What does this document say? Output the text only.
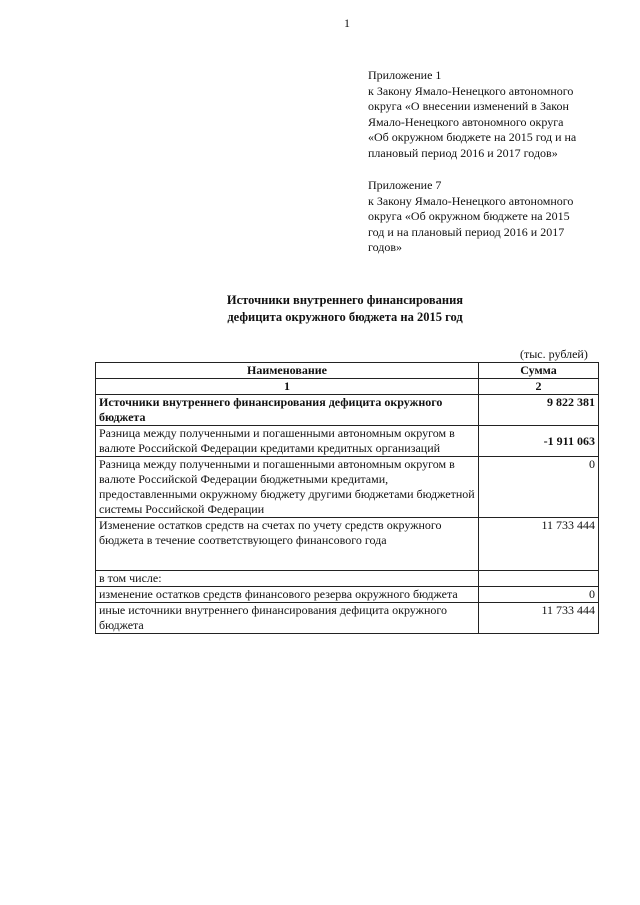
1
Приложение 1
к Закону Ямало-Ненецкого автономного
округа «О внесении изменений в Закон
Ямало-Ненецкого автономного округа
«Об окружном бюджете на 2015 год и на
плановый период 2016 и 2017 годов»
Приложение 7
к Закону Ямало-Ненецкого автономного
округа «Об окружном бюджете на 2015
год и на плановый период 2016 и 2017
годов»
Источники внутреннего финансирования
дефицита окружного бюджета на 2015 год
(тыс. рублей)
Наименование	Сумма
1	2
Источники внутреннего финансирования дефицита окружного бюджета	9 822 381
Разница между полученными и погашенными автономным округом в валюте Российской Федерации кредитами кредитных организаций	-1 911 063
Разница между полученными и погашенными автономным округом в валюте Российской Федерации бюджетными кредитами, предоставленными окружному бюджету другими бюджетами бюджетной системы Российской Федерации	0
Изменение остатков средств на счетах по учету средств окружного бюджета в течение соответствующего финансового года	11 733 444
в том числе:	
изменение остатков средств финансового резерва окружного бюджета	0
иные источники внутреннего финансирования дефицита окружного бюджета	11 733 444
